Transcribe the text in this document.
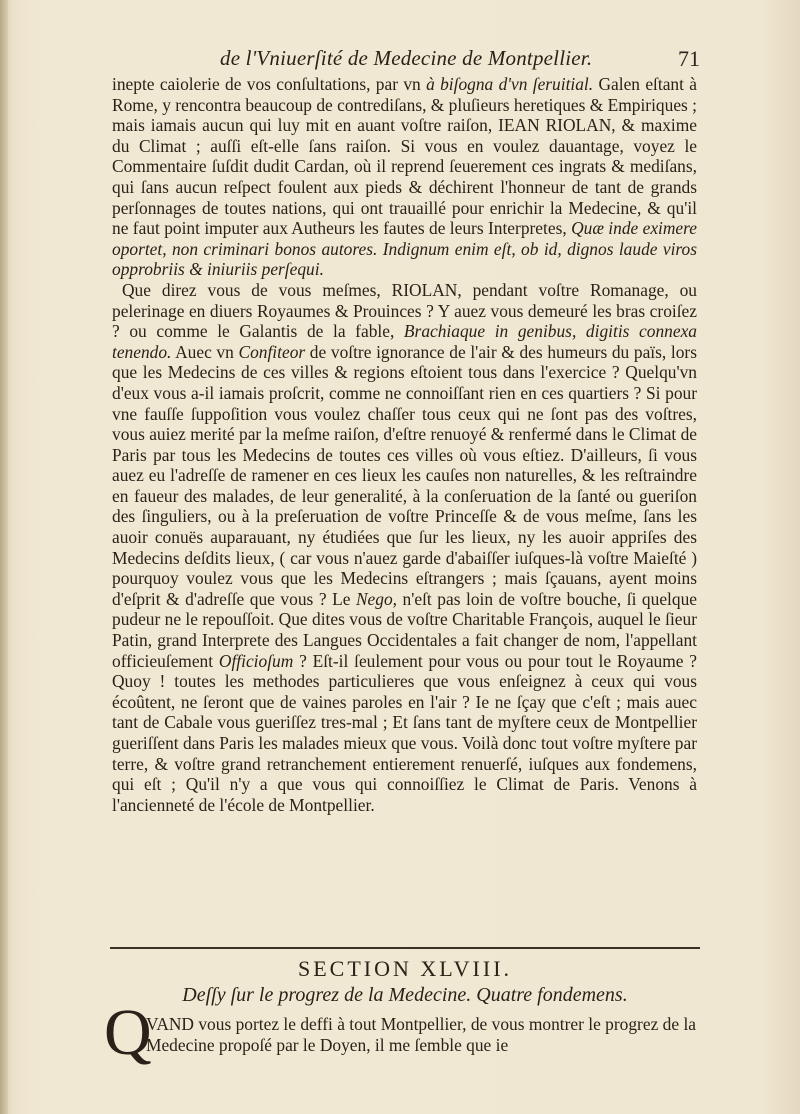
de l'Vniuerſité de Medecine de Montpellier.	71

inepte caiolerie de vos conſultations, par vn à biſogna d'vn ſeruitial. Galen eſtant à Rome, y rencontra beaucoup de contrediſans, & pluſieurs heretiques & Empiriques ; mais iamais aucun qui luy mit en auant voſtre raiſon, IEAN RIOLAN, & maxime du Climat ; auſſi eſt-elle ſans raiſon. Si vous en voulez dauantage, voyez le Commentaire ſuſdit dudit Cardan, où il reprend ſeuerement ces ingrats & mediſans, qui ſans aucun reſpect foulent aux pieds & déchirent l'honneur de tant de grands perſonnages de toutes nations, qui ont trauaillé pour enrichir la Medecine, & qu'il ne faut point imputer aux Autheurs les fautes de leurs Interpretes, Quæ inde eximere oportet, non criminari bonos autores. Indignum enim eſt, ob id, dignos laude viros opprobriis & iniuriis perſequi.

Que direz vous de vous meſmes, RIOLAN, pendant voſtre Romanage, ou pelerinage en diuers Royaumes & Prouinces ? Y auez vous demeuré les bras croiſez ? ou comme le Galantis de la fable, Brachiaque in genibus, digitis connexa tenendo. Auec vn Confiteor de voſtre ignorance de l'air & des humeurs du païs, lors que les Medecins de ces villes & regions eſtoient tous dans l'exercice ? Quelqu'vn d'eux vous a-il iamais proſcrit, comme ne connoiſſant rien en ces quartiers ? Si pour vne fauſſe ſuppoſition vous voulez chaſſer tous ceux qui ne ſont pas des voſtres, vous auiez merité par la meſme raiſon, d'eſtre renuoyé & renfermé dans le Climat de Paris par tous les Medecins de toutes ces villes où vous eſtiez. D'ailleurs, ſi vous auez eu l'adreſſe de ramener en ces lieux les cauſes non naturelles, & les reſtraindre en faueur des malades, de leur generalité, à la conſeruation de la ſanté ou gueriſon des ſinguliers, ou à la preſeruation de voſtre Princeſſe & de vous meſme, ſans les auoir conuës auparauant, ny étudiées que ſur les lieux, ny les auoir appriſes des Medecins deſdits lieux, ( car vous n'auez garde d'abaiſſer iuſques-là voſtre Maieſté ) pourquoy voulez vous que les Medecins eſtrangers ; mais ſçauans, ayent moins d'eſprit & d'adreſſe que vous ? Le Nego, n'eſt pas loin de voſtre bouche, ſi quelque pudeur ne le repouſſoit. Que dites vous de voſtre Charitable François, auquel le ſieur Patin, grand Interprete des Langues Occidentales a fait changer de nom, l'appellant officieuſement Officioſum ? Eſt-il ſeulement pour vous ou pour tout le Royaume ? Quoy ! toutes les methodes particulieres que vous enſeignez à ceux qui vous écoûtent, ne ſeront que de vaines paroles en l'air ? Ie ne ſçay que c'eſt ; mais auec tant de Cabale vous gueriſſez tres-mal ; Et ſans tant de myſtere ceux de Montpellier gueriſſent dans Paris les malades mieux que vous. Voilà donc tout voſtre myſtere par terre, & voſtre grand retranchement entierement renuerſé, iuſques aux fondemens, qui eſt ; Qu'il n'y a que vous qui connoiſſiez le Climat de Paris. Venons à l'ancienneté de l'école de Montpellier.

SECTION XLVIII.
Deſſy ſur le progrez de la Medecine. Quatre fondemens.
Q

VAND vous portez le deffi à tout Montpellier, de vous montrer le progrez de la Medecine propoſé par le Doyen, il me ſemble que ie
